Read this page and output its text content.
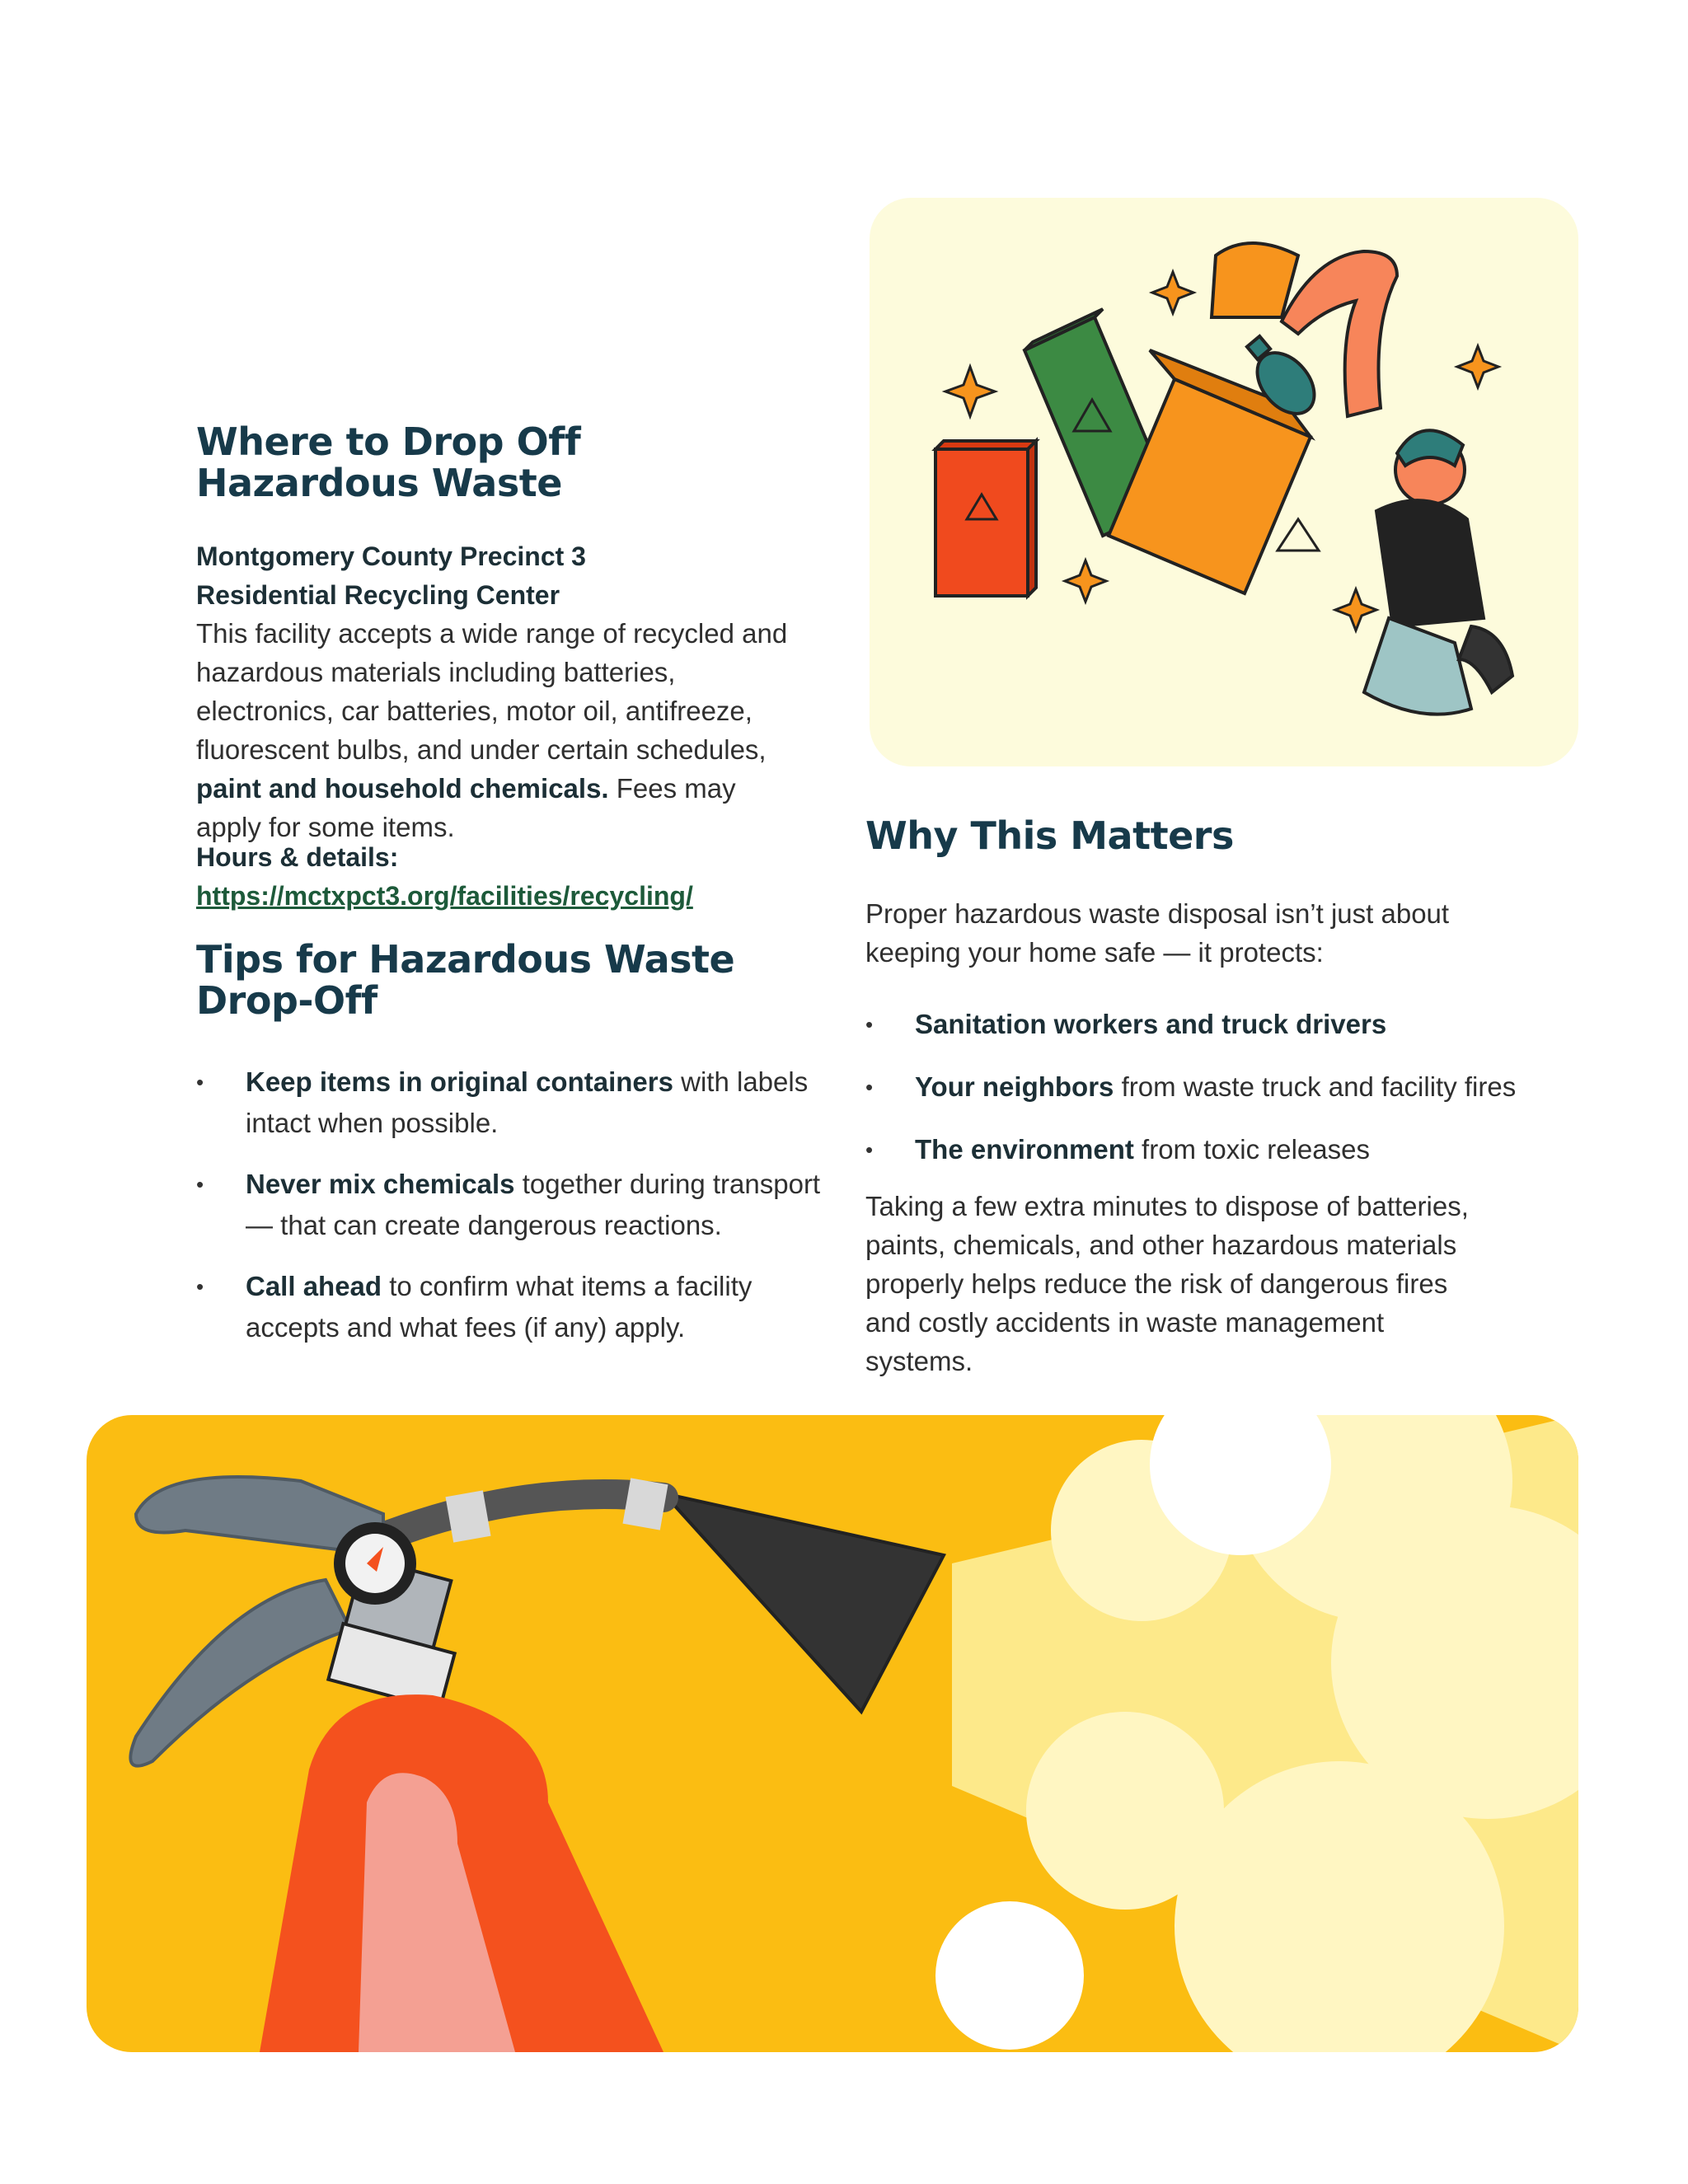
Where to Drop Off
Hazardous Waste
Montgomery County Precinct 3
Residential Recycling Center

This facility accepts a wide range of recycled and hazardous materials including batteries, electronics, car batteries, motor oil, antifreeze, fluorescent bulbs, and under certain schedules, paint and household chemicals. Fees may apply for some items.

Hours & details:
https://mctxpct3.org/facilities/recycling/
Tips for Hazardous Waste
Drop-Off
• Keep items in original containers with labels intact when possible.
• Never mix chemicals together during transport — that can create dangerous reactions.
• Call ahead to confirm what items a facility accepts and what fees (if any) apply.
Why This Matters

Proper hazardous waste disposal isn’t just about keeping your home safe — it protects:

• Sanitation workers and truck drivers
• Your neighbors from waste truck and facility fires
• The environment from toxic releases

Taking a few extra minutes to dispose of batteries, paints, chemicals, and other hazardous materials properly helps reduce the risk of dangerous fires and costly accidents in waste management systems.
